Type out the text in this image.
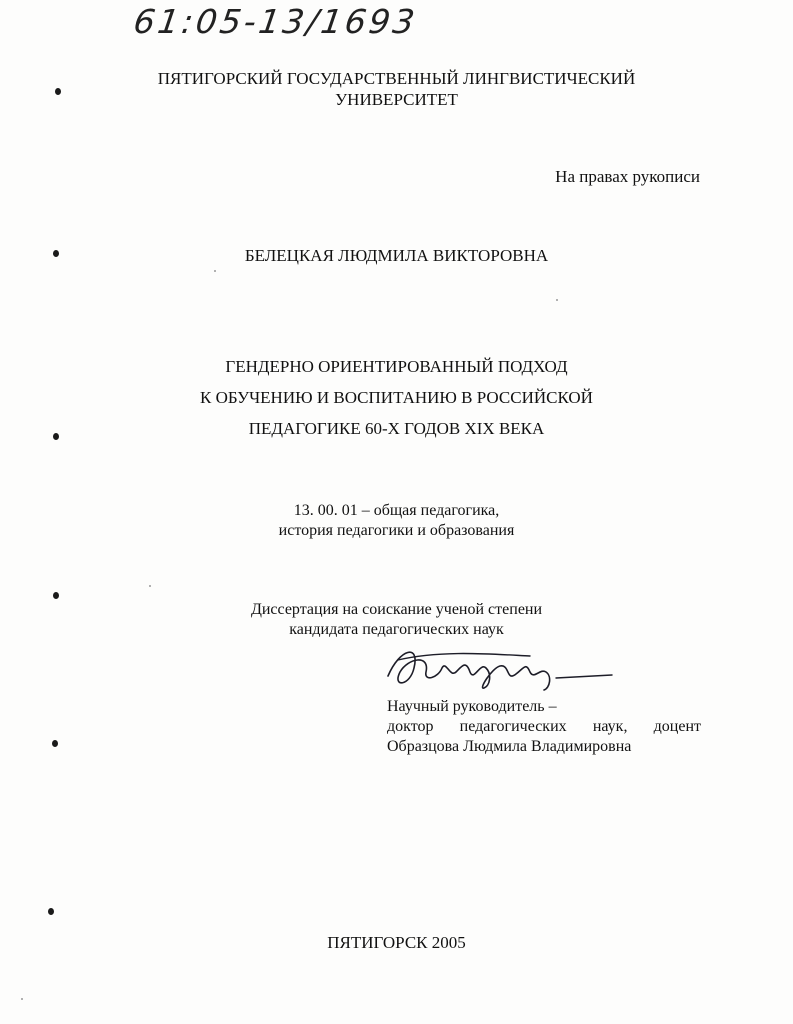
61:05-13/1693
ПЯТИГОРСКИЙ ГОСУДАРСТВЕННЫЙ ЛИНГВИСТИЧЕСКИЙ
УНИВЕРСИТЕТ
На правах рукописи
БЕЛЕЦКАЯ ЛЮДМИЛА ВИКТОРОВНА
ГЕНДЕРНО ОРИЕНТИРОВАННЫЙ ПОДХОД
К ОБУЧЕНИЮ И ВОСПИТАНИЮ В РОССИЙСКОЙ
ПЕДАГОГИКЕ 60-Х ГОДОВ XIX ВЕКА
13. 00. 01 – общая педагогика,
история педагогики и образования
Диссертация на соискание ученой степени
кандидата педагогических наук
Научный руководитель –
доктор педагогических наук, доцент
Образцова Людмила Владимировна
ПЯТИГОРСК 2005
